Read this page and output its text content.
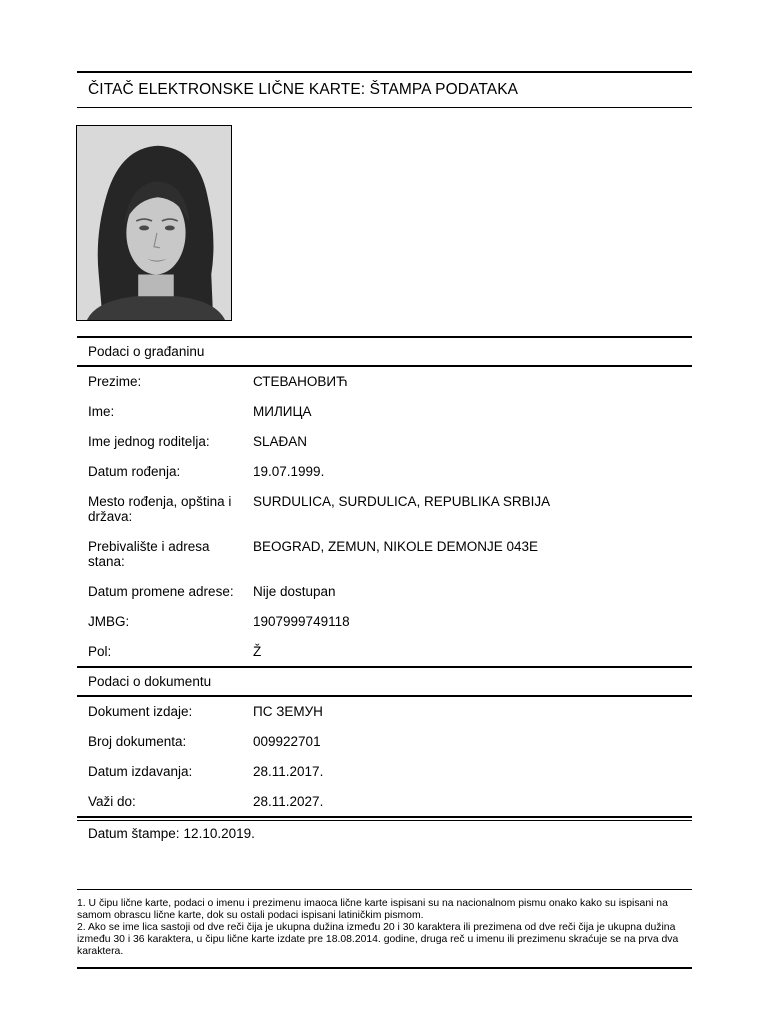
ČITAČ ELEKTRONSKE LIČNE KARTE: ŠTAMPA PODATAKA
Podaci o građaninu
Prezime:	СТЕВАНОВИЋ
Ime:	МИЛИЦА
Ime jednog roditelja:	SLAĐAN
Datum rođenja:	19.07.1999.
Mesto rođenja, opština i država:
SURDULICA, SURDULICA, REPUBLIKA SRBIJA
Prebivalište i adresa stana:
BEOGRAD, ZEMUN, NIKOLE DEMONJE 043E
Datum promene adrese:	Nije dostupan
JMBG:	1907999749118
Pol:	Ž
Podaci o dokumentu
Dokument izdaje:	ПС ЗЕМУН
Broj dokumenta:	009922701
Datum izdavanja:	28.11.2017.
Važi do:	28.11.2027.
Datum štampe: 12.10.2019.
1. U čipu lične karte, podaci o imenu i prezimenu imaoca lične karte ispisani su na nacionalnom pismu onako kako su ispisani na samom obrascu lične karte, dok su ostali podaci ispisani latiničkim pismom.
2. Ako se ime lica sastoji od dve reči čija je ukupna dužina između 20 i 30 karaktera ili prezimena od dve reči čija je ukupna dužina između 30 i 36 karaktera, u čipu lične karte izdate pre 18.08.2014. godine, druga reč u imenu ili prezimenu skraćuje se na prva dva karaktera.
